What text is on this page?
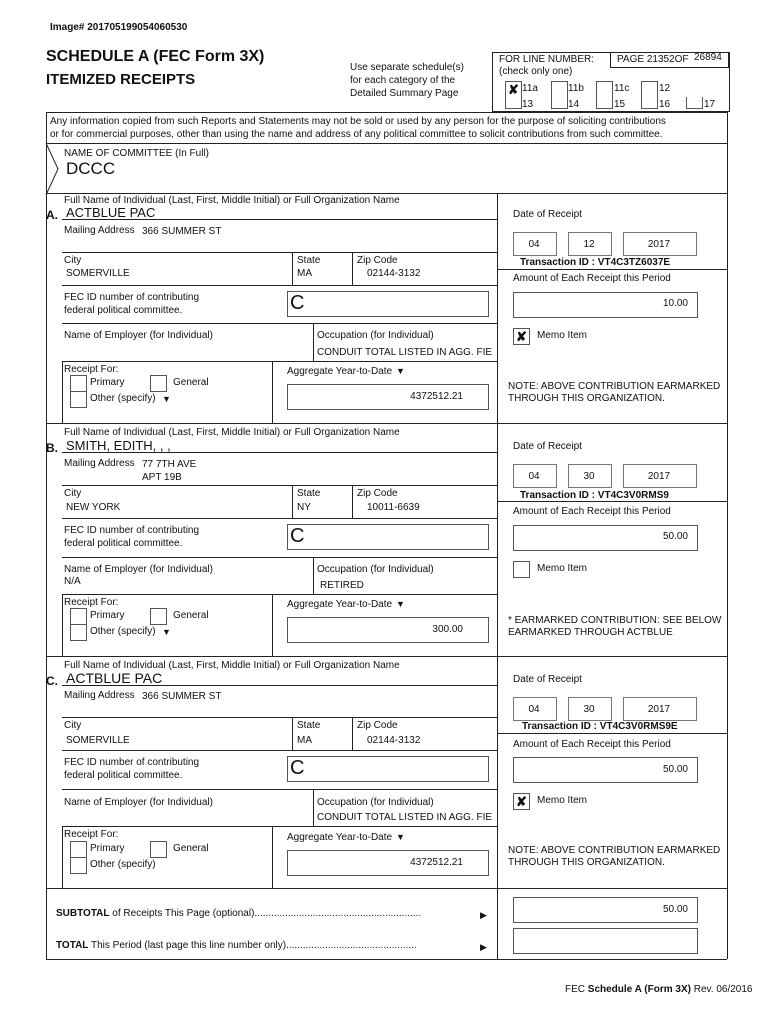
Image# 201705199054060530
SCHEDULE A (FEC Form 3X)
ITEMIZED RECEIPTS
Use separate schedule(s)
for each category of the
Detailed Summary Page
FOR LINE NUMBER:
(check only one)
PAGE 21352OF 26894
✘ 11a	11b	11c	12
13	14	15	16	17
Any information copied from such Reports and Statements may not be sold or used by any person for the purpose of soliciting contributions
or for commercial purposes, other than using the name and address of any political committee to solicit contributions from such committee.
NAME OF COMMITTEE (In Full)
DCCC
Full Name of Individual (Last, First, Middle Initial) or Full Organization Name
A. ACTBLUE PAC
Mailing Address 366 SUMMER ST
City
SOMERVILLE
State
MA
Zip Code
02144-3132
FEC ID number of contributing
federal political committee.	C
Name of Employer (for Individual)	Occupation (for Individual)
CONDUIT TOTAL LISTED IN AGG. FIE
Receipt For:
Primary	General
Other (specify) ▼
Aggregate Year-to-Date ▼
4372512.21
Date of Receipt
04	12	2017
Transaction ID : VT4C3TZ6037E
Amount of Each Receipt this Period
10.00
✘	Memo Item
NOTE: ABOVE CONTRIBUTION EARMARKED
THROUGH THIS ORGANIZATION.
Full Name of Individual (Last, First, Middle Initial) or Full Organization Name
B. SMITH, EDITH, , ,
Mailing Address 77 7TH AVE
APT 19B
City
NEW YORK
State
NY
Zip Code
10011-6639
FEC ID number of contributing
federal political committee.	C
Name of Employer (for Individual)
N/A
Occupation (for Individual)
RETIRED
Receipt For:
Primary	General
Other (specify) ▼
Aggregate Year-to-Date ▼
300.00
Date of Receipt
04	30	2017
Transaction ID : VT4C3V0RMS9
Amount of Each Receipt this Period
50.00
Memo Item
* EARMARKED CONTRIBUTION: SEE BELOW
EARMARKED THROUGH ACTBLUE
Full Name of Individual (Last, First, Middle Initial) or Full Organization Name
C. ACTBLUE PAC
Mailing Address 366 SUMMER ST
City
SOMERVILLE
State
MA
Zip Code
02144-3132
FEC ID number of contributing
federal political committee.	C
Name of Employer (for Individual)	Occupation (for Individual)
CONDUIT TOTAL LISTED IN AGG. FIE
Receipt For:
Primary	General
Other (specify)
Aggregate Year-to-Date ▼
4372512.21
Date of Receipt
04	30	2017
Transaction ID : VT4C3V0RMS9E
Amount of Each Receipt this Period
50.00
✘	Memo Item
NOTE: ABOVE CONTRIBUTION EARMARKED
THROUGH THIS ORGANIZATION.
SUBTOTAL of Receipts This Page (optional)............................................................	▶	50.00
TOTAL This Period (last page this line number only)...............................................	▶
FEC Schedule A (Form 3X) Rev. 06/2016
